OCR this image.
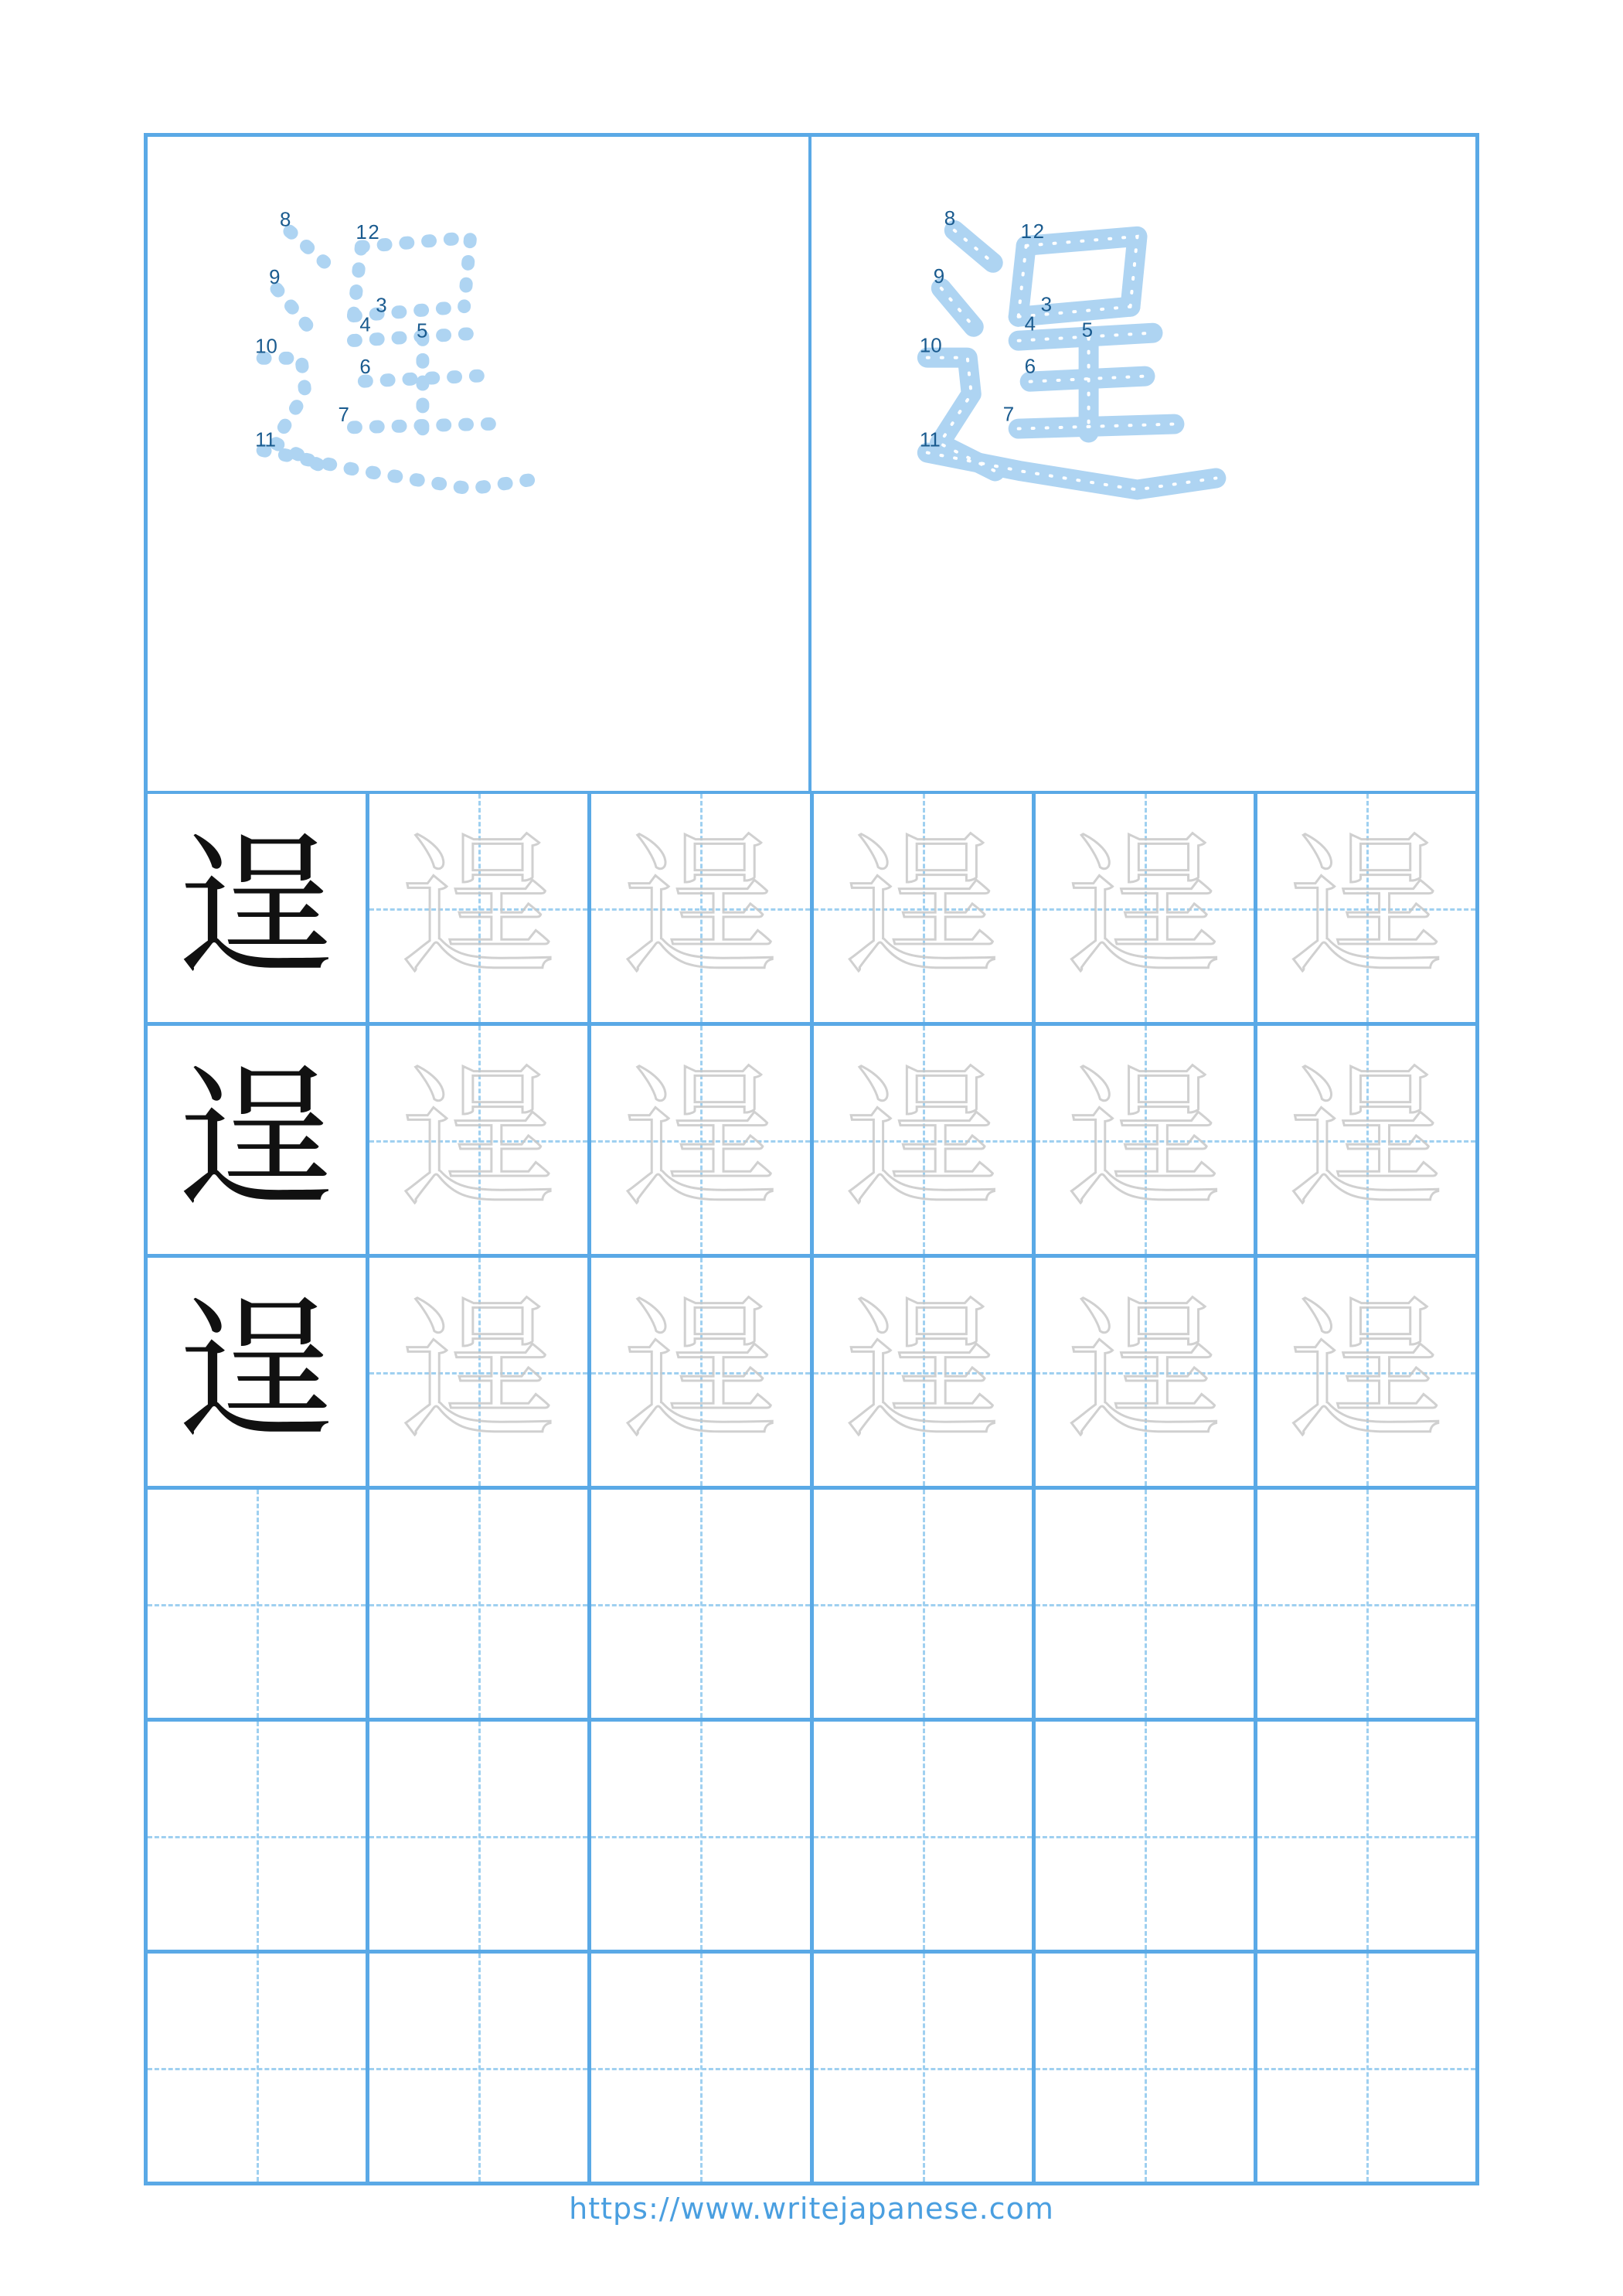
1 2
3
4 5
6
7
8
9
10
11
1 2
3
4 5
6
7
8
9
10
11
逞 逞 逞 逞 逞 逞
逞 逞 逞 逞 逞 逞
逞 逞 逞 逞 逞 逞
https://www.writejapanese.com
